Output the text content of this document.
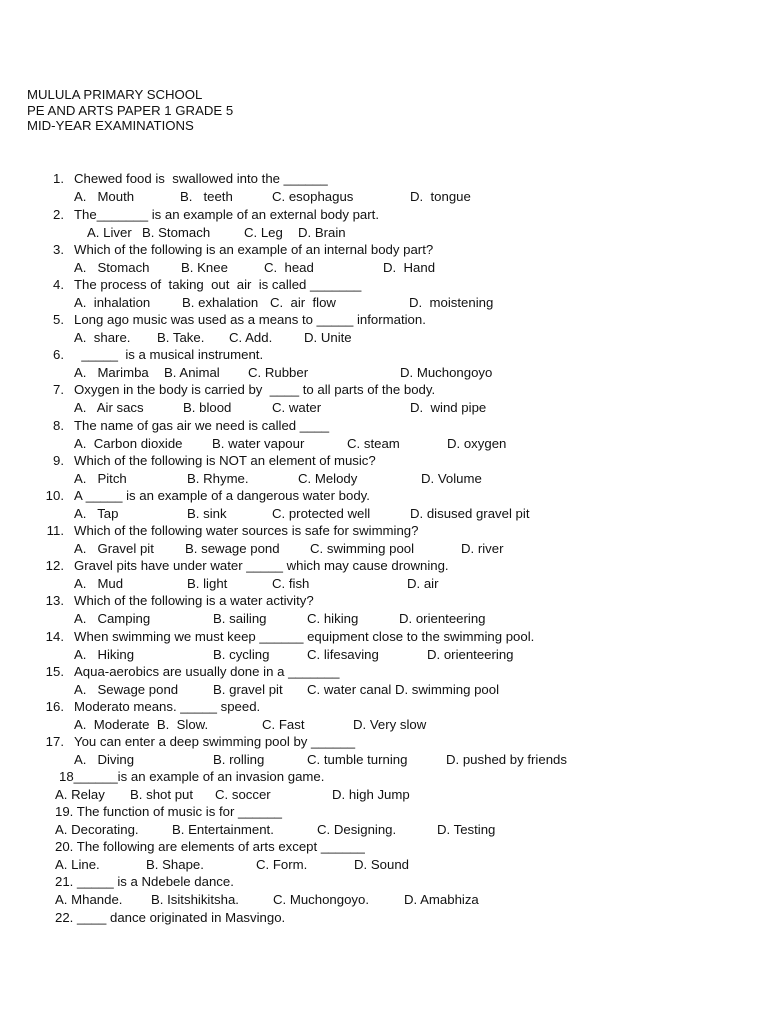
MULULA PRIMARY SCHOOL
PE AND ARTS PAPER 1 GRADE 5
MID-YEAR EXAMINATIONS
1. Chewed food is  swallowed into the ______
A.   Mouth	B.   teeth	C. esophagus	D.  tongue
2. The_______ is an example of an external body part.
A. Liver B. Stomach	C. Leg D. Brain
3. Which of the following is an example of an internal body part?
A.   Stomach B. Knee	C.  head	D.  Hand
4. The process of  taking  out  air  is called _______
A.  inhalation B. exhalation C.  air  flow	D.  moistening
5. Long ago music was used as a means to _____ information.
A.  share. B. Take. C. Add. D. Unite
6. _____  is a musical instrument.
A.   Marimba B. Animal C. Rubber	D. Muchongoyo
7. Oxygen in the body is carried by  ____ to all parts of the body.
A.   Air sacs	B. blood	C. water	D.  wind pipe
8. The name of gas air we need is called ____
A.  Carbon dioxide B. water vapour	C. steam	D. oxygen
9. Which of the following is NOT an element of music?
A.   Pitch	B. Rhyme.	C. Melody	D. Volume
10. A _____ is an example of a dangerous water body.
A.   Tap	B. sink	C. protected well	D. disused gravel pit
11. Which of the following water sources is safe for swimming?
A.   Gravel pit B. sewage pond C. swimming pool	D. river
12. Gravel pits have under water _____ which may cause drowning.
A.   Mud	B. light	C. fish	D. air
13. Which of the following is a water activity?
A.   Camping	B. sailing	C. hiking	D. orienteering
14. When swimming we must keep ______ equipment close to the swimming pool.
A.   Hiking	B. cycling	C. lifesaving	D. orienteering
15. Aqua-aerobics are usually done in a _______
A.   Sewage pond	B. gravel pit C. water canal D. swimming pool
16. Moderato means. _____ speed.
A.  Moderate  B.  Slow.	C. Fast	D. Very slow
17. You can enter a deep swimming pool by ______
A.   Diving	B. rolling	C. tumble turning	D. pushed by friends
18______is an example of an invasion game.
A. Relay B. shot put C. soccer	D. high Jump
19. The function of music is for ______
A. Decorating.	B. Entertainment.	C. Designing.	D. Testing
20. The following are elements of arts except ______
A. Line.	B. Shape.	C. Form.	D. Sound
21. _____ is a Ndebele dance.
A. Mhande. B. Isitshikitsha.	C. Muchongoyo.	D. Amabhiza
22. ____ dance originated in Masvingo.
